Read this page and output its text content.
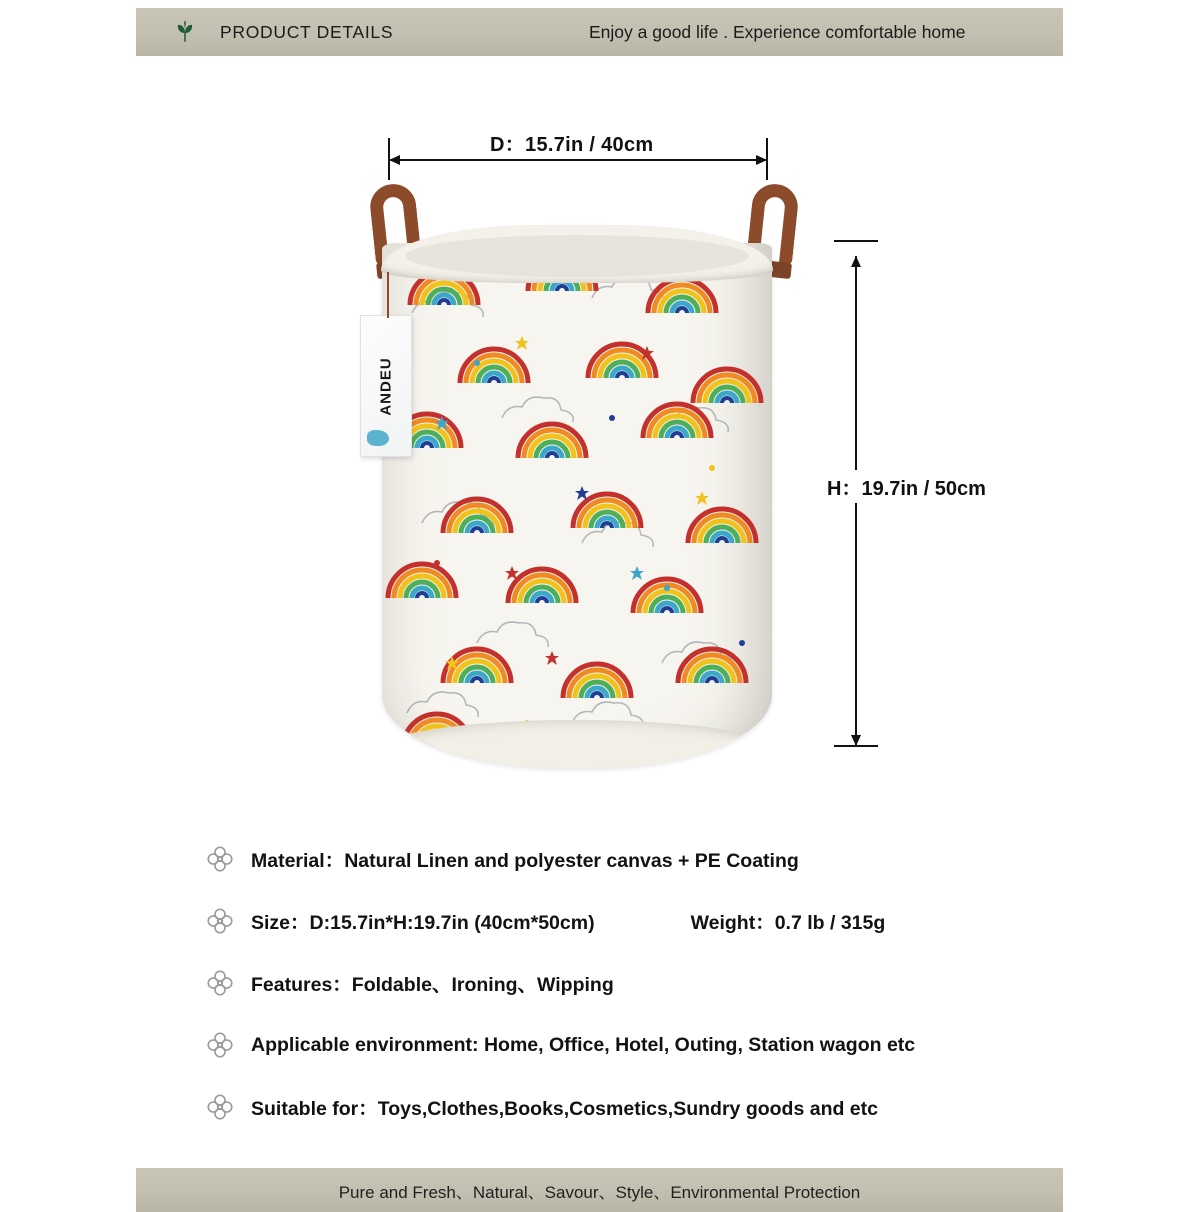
PRODUCT DETAILS	Enjoy a good life . Experience comfortable home
D：15.7in / 40cm
H：19.7in / 50cm
ANDEU
Material：Natural Linen and polyester canvas + PE Coating
Size：D:15.7in*H:19.7in (40cm*50cm)	Weight：0.7 lb / 315g
Features：Foldable、Ironing、Wipping
Applicable environment: Home, Office, Hotel, Outing, Station wagon etc
Suitable for：Toys,Clothes,Books,Cosmetics,Sundry goods and etc
Pure and Fresh、Natural、Savour、Style、Environmental Protection
